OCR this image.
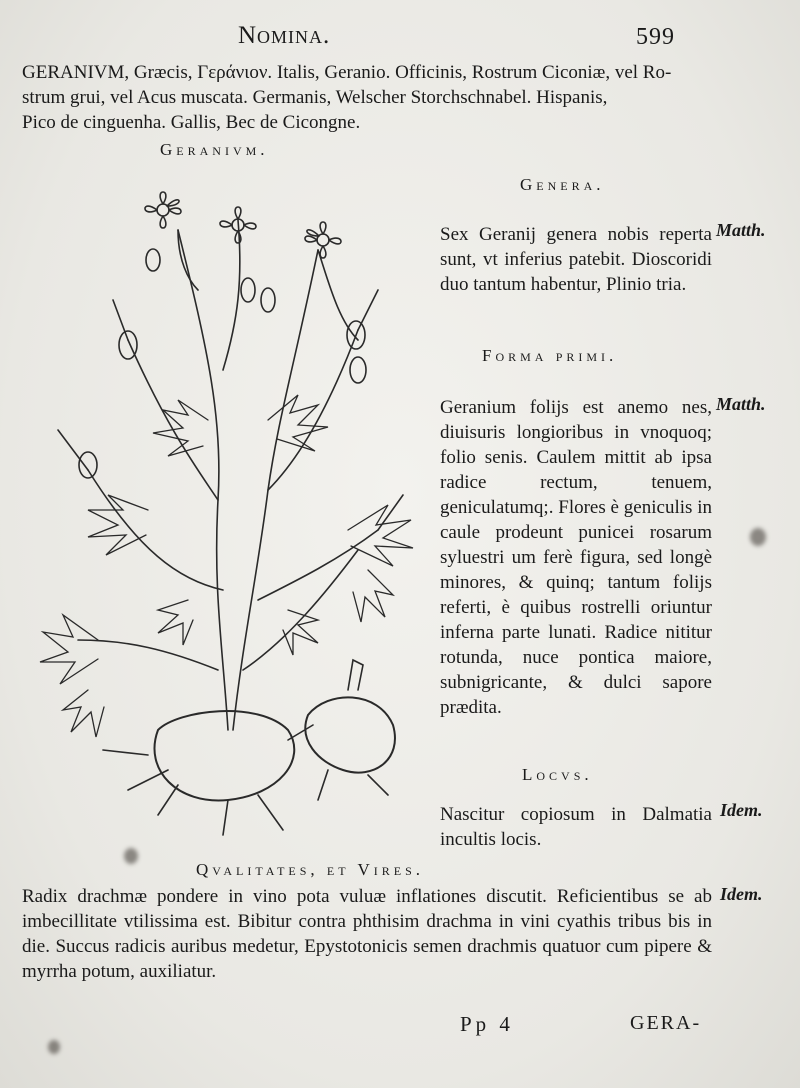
Nomina.	599
GERANIVM, Græcis, Γεράνιον. Italis, Geranio. Officinis, Rostrum Ciconiæ, vel Ro-
strum grui, vel Acus muscata. Germanis, Welscher Storchschnabel. Hispanis,
Pico de cinguenha. Gallis, Bec de Cicongne.
Geranivm.
Genera.
Sex Geranij genera nobis reperta sunt, vt inferius patebit. Dioscoridi duo tantum habentur, Plinio tria.
Matth.
Forma primi.
Geranium folijs est anemo nes, diuisuris longioribus in vnoquoq; folio senis. Caulem mittit ab ipsa radice rectum, tenuem, geniculatumq;. Flores è geniculis in caule prodeunt punicei rosarum syluestri um ferè figura, sed longè minores, & quinq; tantum folijs referti, è quibus rostrelli oriuntur inferna parte lunati. Radice nititur rotunda, nuce pontica maiore, subnigricante, & dulci sapore prædita.
Matth.
Locvs.
Nascitur copiosum in Dalmatia incultis locis.
Idem.
Qvalitates, et Vires.
Radix drachmæ pondere in vino pota vuluæ inflationes discutit. Reficientibus se ab imbecillitate vtilissima est. Bibitur contra phthisim drachma in vini cyathis tribus bis in die. Succus radicis auribus medetur, Epystotonicis semen drachmis quatuor cum pipere & myrrha potum, auxiliatur.
Idem.
Pp 4	GERA-
